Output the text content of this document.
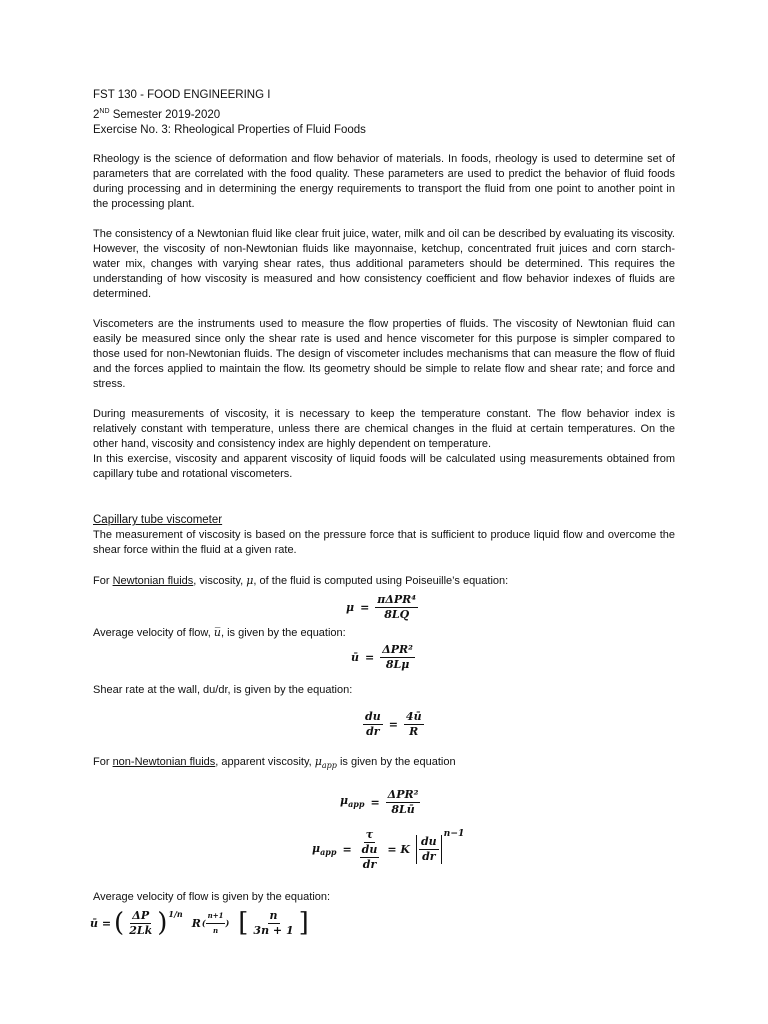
FST 130 - FOOD ENGINEERING I
2ND Semester 2019-2020
Exercise No. 3: Rheological Properties of Fluid Foods

Rheology is the science of deformation and flow behavior of materials. In foods, rheology is used to determine set of parameters that are correlated with the food quality. These parameters are used to predict the behavior of fluid foods during processing and in determining the energy requirements to transport the fluid from one point to another point in the processing plant.

The consistency of a Newtonian fluid like clear fruit juice, water, milk and oil can be described by evaluating its viscosity. However, the viscosity of non-Newtonian fluids like mayonnaise, ketchup, concentrated fruit juices and corn starch-water mix, changes with varying shear rates, thus additional parameters should be determined. This requires the understanding of how viscosity is measured and how consistency coefficient and flow behavior indexes of fluids are determined.

Viscometers are the instruments used to measure the flow properties of fluids. The viscosity of Newtonian fluid can easily be measured since only the shear rate is used and hence viscometer for this purpose is simpler compared to those used for non-Newtonian fluids. The design of viscometer includes mechanisms that can measure the flow of fluid and the forces applied to maintain the flow. Its geometry should be simple to relate flow and shear rate; and force and stress.

During measurements of viscosity, it is necessary to keep the temperature constant. The flow behavior index is relatively constant with temperature, unless there are chemical changes in the fluid at certain temperatures. On the other hand, viscosity and consistency index are highly dependent on temperature.

In this exercise, viscosity and apparent viscosity of liquid foods will be calculated using measurements obtained from capillary tube and rotational viscometers.

Capillary tube viscometer

The measurement of viscosity is based on the pressure force that is sufficient to produce liquid flow and overcome the shear force within the fluid at a given rate.

For Newtonian fluids, viscosity, μ, of the fluid is computed using Poiseuille’s equation:

$\mu = \frac{\text{πΔPR⁴}}{8LQ}$

Average velocity of flow, u̅, is given by the equation:

ū = $\frac{\text{ΔPR²}}{8L\mu}$

Shear rate at the wall, du/dr, is given by the equation:

$\frac{du}{dr} = \frac{4ū}{R}$

For non-Newtonian fluids, apparent viscosity, $\mu_{app}$ is given by the equation

$\mu_{app} = \frac{\text{ΔPR²}}{8Lū}$
$\mu_{app} = \tau$
du
dr = K $\frac{du}{dr}$
$^{n-1}$

Average velocity of flow is given by the equation:

ū = ( $\frac{\Delta P}{2Lk} )^{1/n}$
R ( $\frac{n+1}{n}$ ) [ $\frac{n}{3n + 1}$ ]
